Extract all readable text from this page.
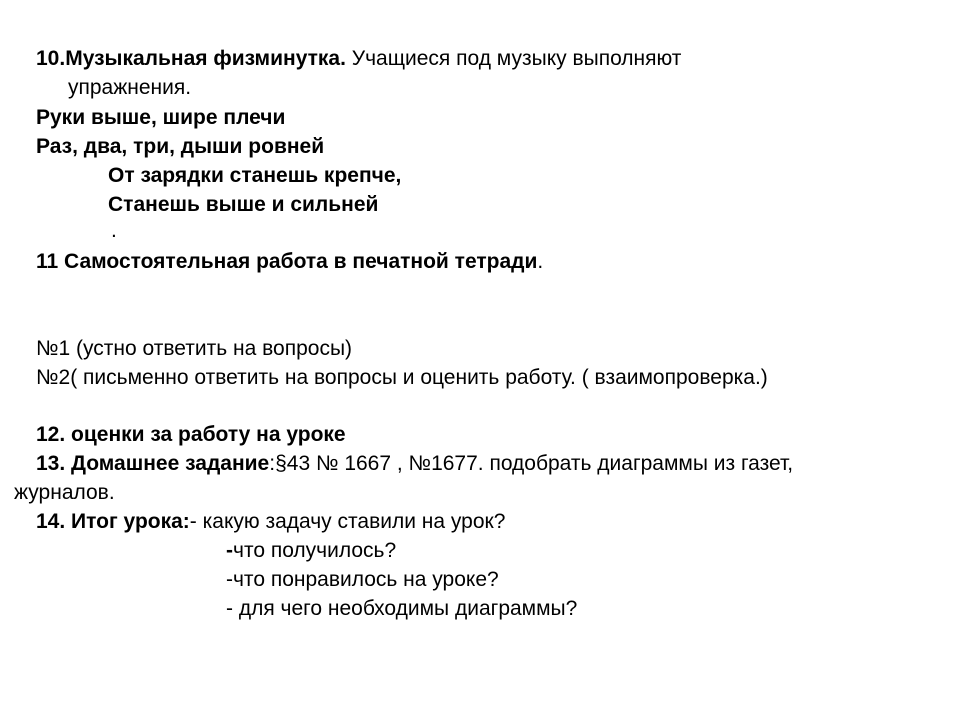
10.Музыкальная физминутка. Учащиеся под музыку выполняют
упражнения.
Руки выше, шире плечи
Раз, два, три, дыши ровней
От зарядки станешь крепче,
Станешь выше и сильней
.
11 Самостоятельная работа в печатной тетради.
№1 (устно ответить на вопросы)
№2( письменно ответить на вопросы и оценить работу. ( взаимопроверка.)
12. оценки за работу на уроке
13. Домашнее задание:§43 № 1667 , №1677. подобрать диаграммы из газет,
журналов.
14. Итог урока:- какую задачу ставили на урок?
-что получилось?
-что понравилось на уроке?
- для чего необходимы диаграммы?
